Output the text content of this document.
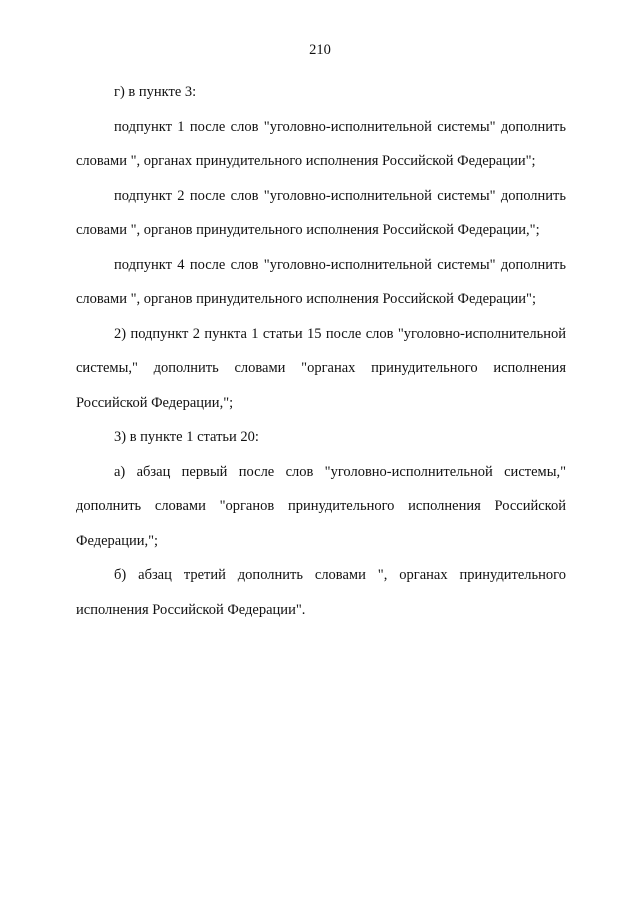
210

г) в пункте 3:

подпункт 1 после слов "уголовно-исполнительной системы" дополнить словами ", органах принудительного исполнения Российской Федерации";

подпункт 2 после слов "уголовно-исполнительной системы" дополнить словами ", органов принудительного исполнения Российской Федерации,";

подпункт 4 после слов "уголовно-исполнительной системы" дополнить словами ", органов принудительного исполнения Российской Федерации";

2) подпункт 2 пункта 1 статьи 15 после слов "уголовно-исполнительной системы," дополнить словами "органах принудительного исполнения Российской Федерации,";

3) в пункте 1 статьи 20:

а) абзац первый после слов "уголовно-исполнительной системы," дополнить словами "органов принудительного исполнения Российской Федерации,";

б) абзац третий дополнить словами ", органах принудительного исполнения Российской Федерации".
